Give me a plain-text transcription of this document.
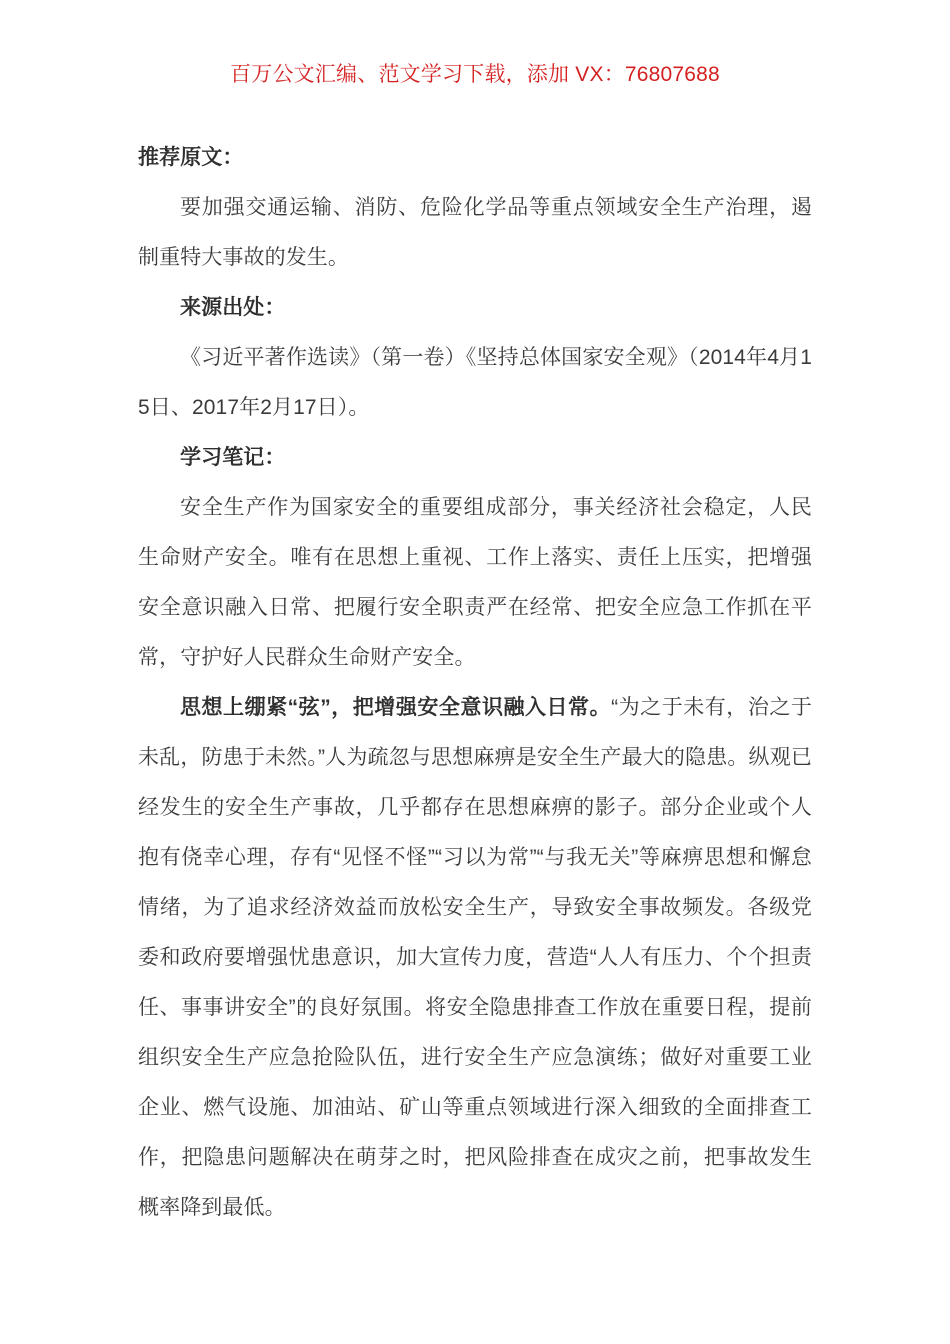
百万公文汇编、范文学习下载，添加 VX：76807688

推荐原文：

要加强交通运输、消防、危险化学品等重点领域安全生产治理，遏制重特大事故的发生。

来源出处：

《习近平著作选读》（第一卷）《坚持总体国家安全观》（2014年4月15日、2017年2月17日）。

学习笔记：

安全生产作为国家安全的重要组成部分，事关经济社会稳定，人民生命财产安全。唯有在思想上重视、工作上落实、责任上压实，把增强安全意识融入日常、把履行安全职责严在经常、把安全应急工作抓在平常，守护好人民群众生命财产安全。

思想上绷紧“弦”，把增强安全意识融入日常。“为之于未有，治之于未乱，防患于未然。”人为疏忽与思想麻痹是安全生产最大的隐患。纵观已经发生的安全生产事故，几乎都存在思想麻痹的影子。部分企业或个人抱有侥幸心理，存有“见怪不怪”“习以为常”“与我无关”等麻痹思想和懈怠情绪，为了追求经济效益而放松安全生产，导致安全事故频发。各级党委和政府要增强忧患意识，加大宣传力度，营造“人人有压力、个个担责任、事事讲安全”的良好氛围。将安全隐患排查工作放在重要日程，提前组织安全生产应急抢险队伍，进行安全生产应急演练；做好对重要工业企业、燃气设施、加油站、矿山等重点领域进行深入细致的全面排查工作，把隐患问题解决在萌芽之时，把风险排查在成灾之前，把事故发生概率降到最低。
